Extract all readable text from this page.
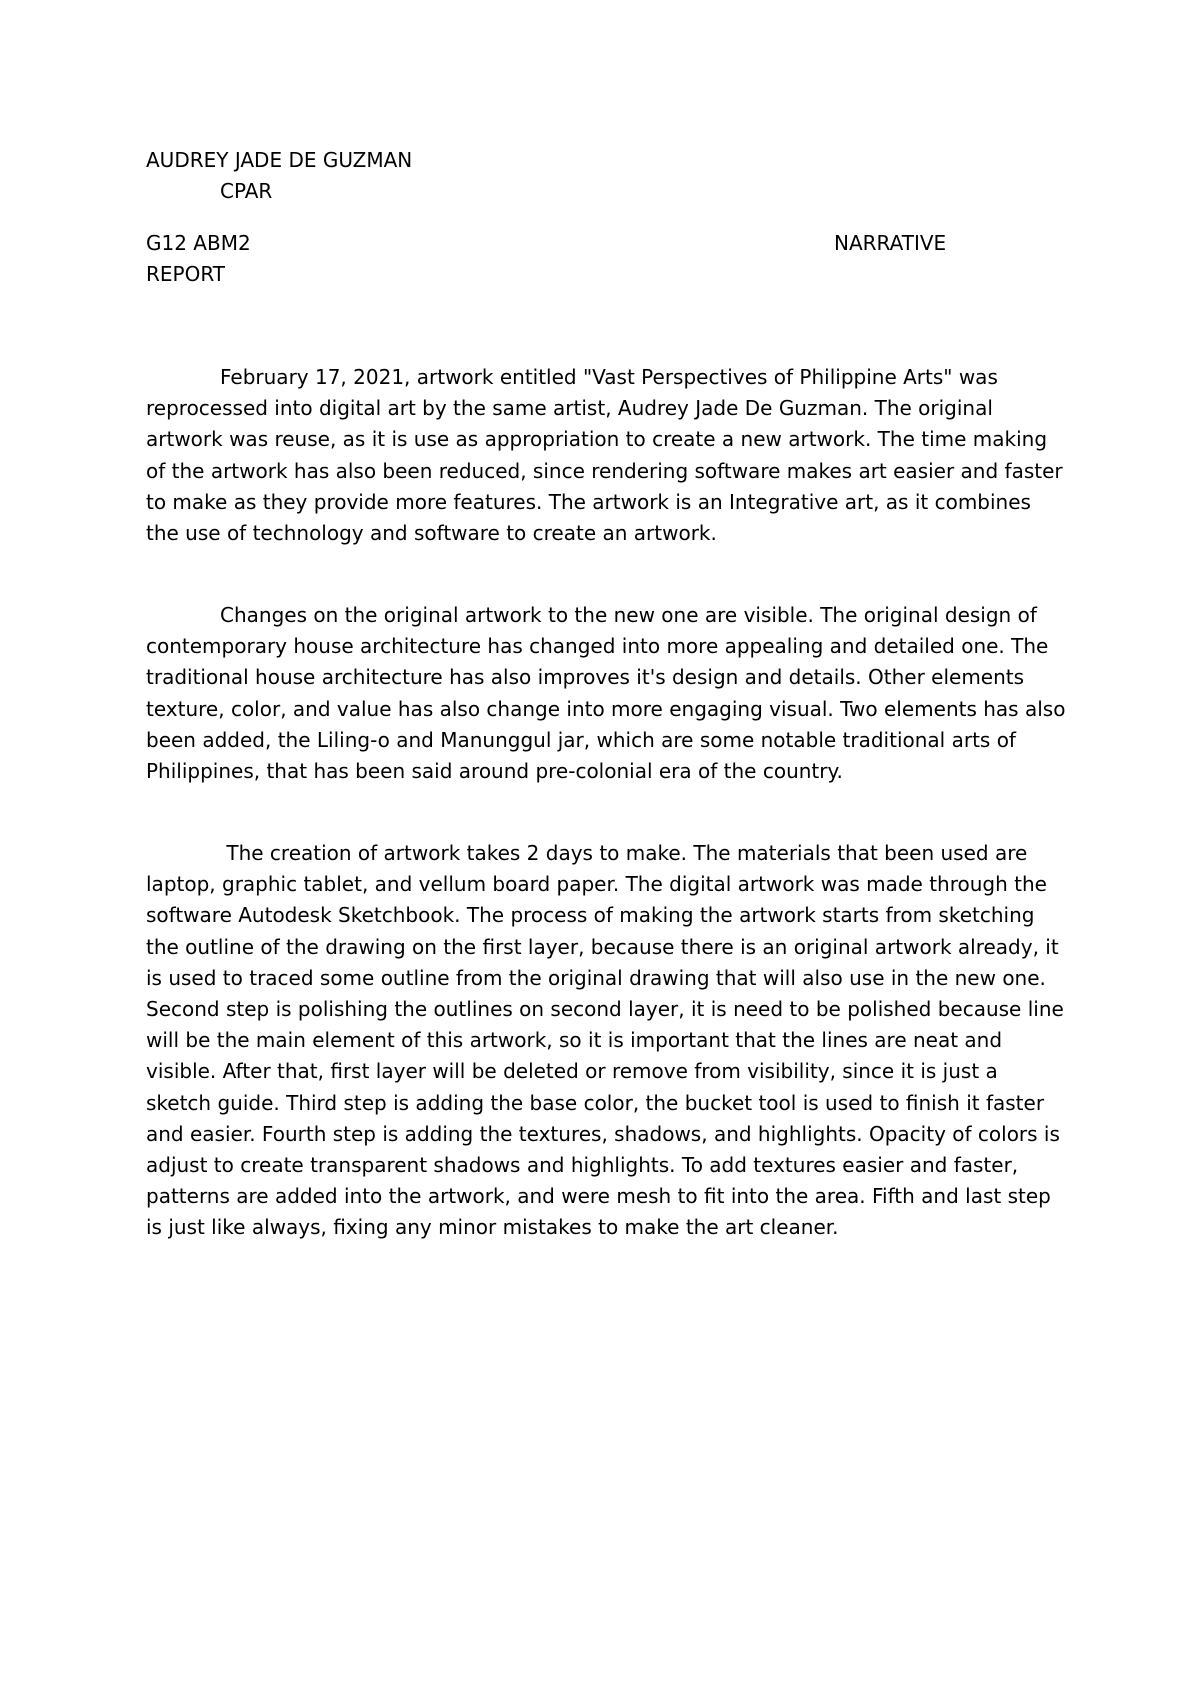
AUDREY JADE DE GUZMAN

CPAR

G12 ABM2	NARRATIVE

REPORT

February 17, 2021, artwork entitled "Vast Perspectives of Philippine Arts" was reprocessed into digital art by the same artist, Audrey Jade De Guzman. The original artwork was reuse, as it is use as appropriation to create a new artwork. The time making of the artwork has also been reduced, since rendering software makes art easier and faster to make as they provide more features. The artwork is an Integrative art, as it combines the use of technology and software to create an artwork.

Changes on the original artwork to the new one are visible. The original design of contemporary house architecture has changed into more appealing and detailed one. The traditional house architecture has also improves it's design and details. Other elements texture, color, and value has also change into more engaging visual. Two elements has also been added, the Liling-o and Manunggul jar, which are some notable traditional arts of Philippines, that has been said around pre-colonial era of the country.

The creation of artwork takes 2 days to make. The materials that been used are laptop, graphic tablet, and vellum board paper. The digital artwork was made through the software Autodesk Sketchbook. The process of making the artwork starts from sketching the outline of the drawing on the first layer, because there is an original artwork already, it is used to traced some outline from the original drawing that will also use in the new one. Second step is polishing the outlines on second layer, it is need to be polished because line will be the main element of this artwork, so it is important that the lines are neat and visible. After that, first layer will be deleted or remove from visibility, since it is just a sketch guide. Third step is adding the base color, the bucket tool is used to finish it faster and easier. Fourth step is adding the textures, shadows, and highlights. Opacity of colors is adjust to create transparent shadows and highlights. To add textures easier and faster, patterns are added into the artwork, and were mesh to fit into the area. Fifth and last step is just like always, fixing any minor mistakes to make the art cleaner.
